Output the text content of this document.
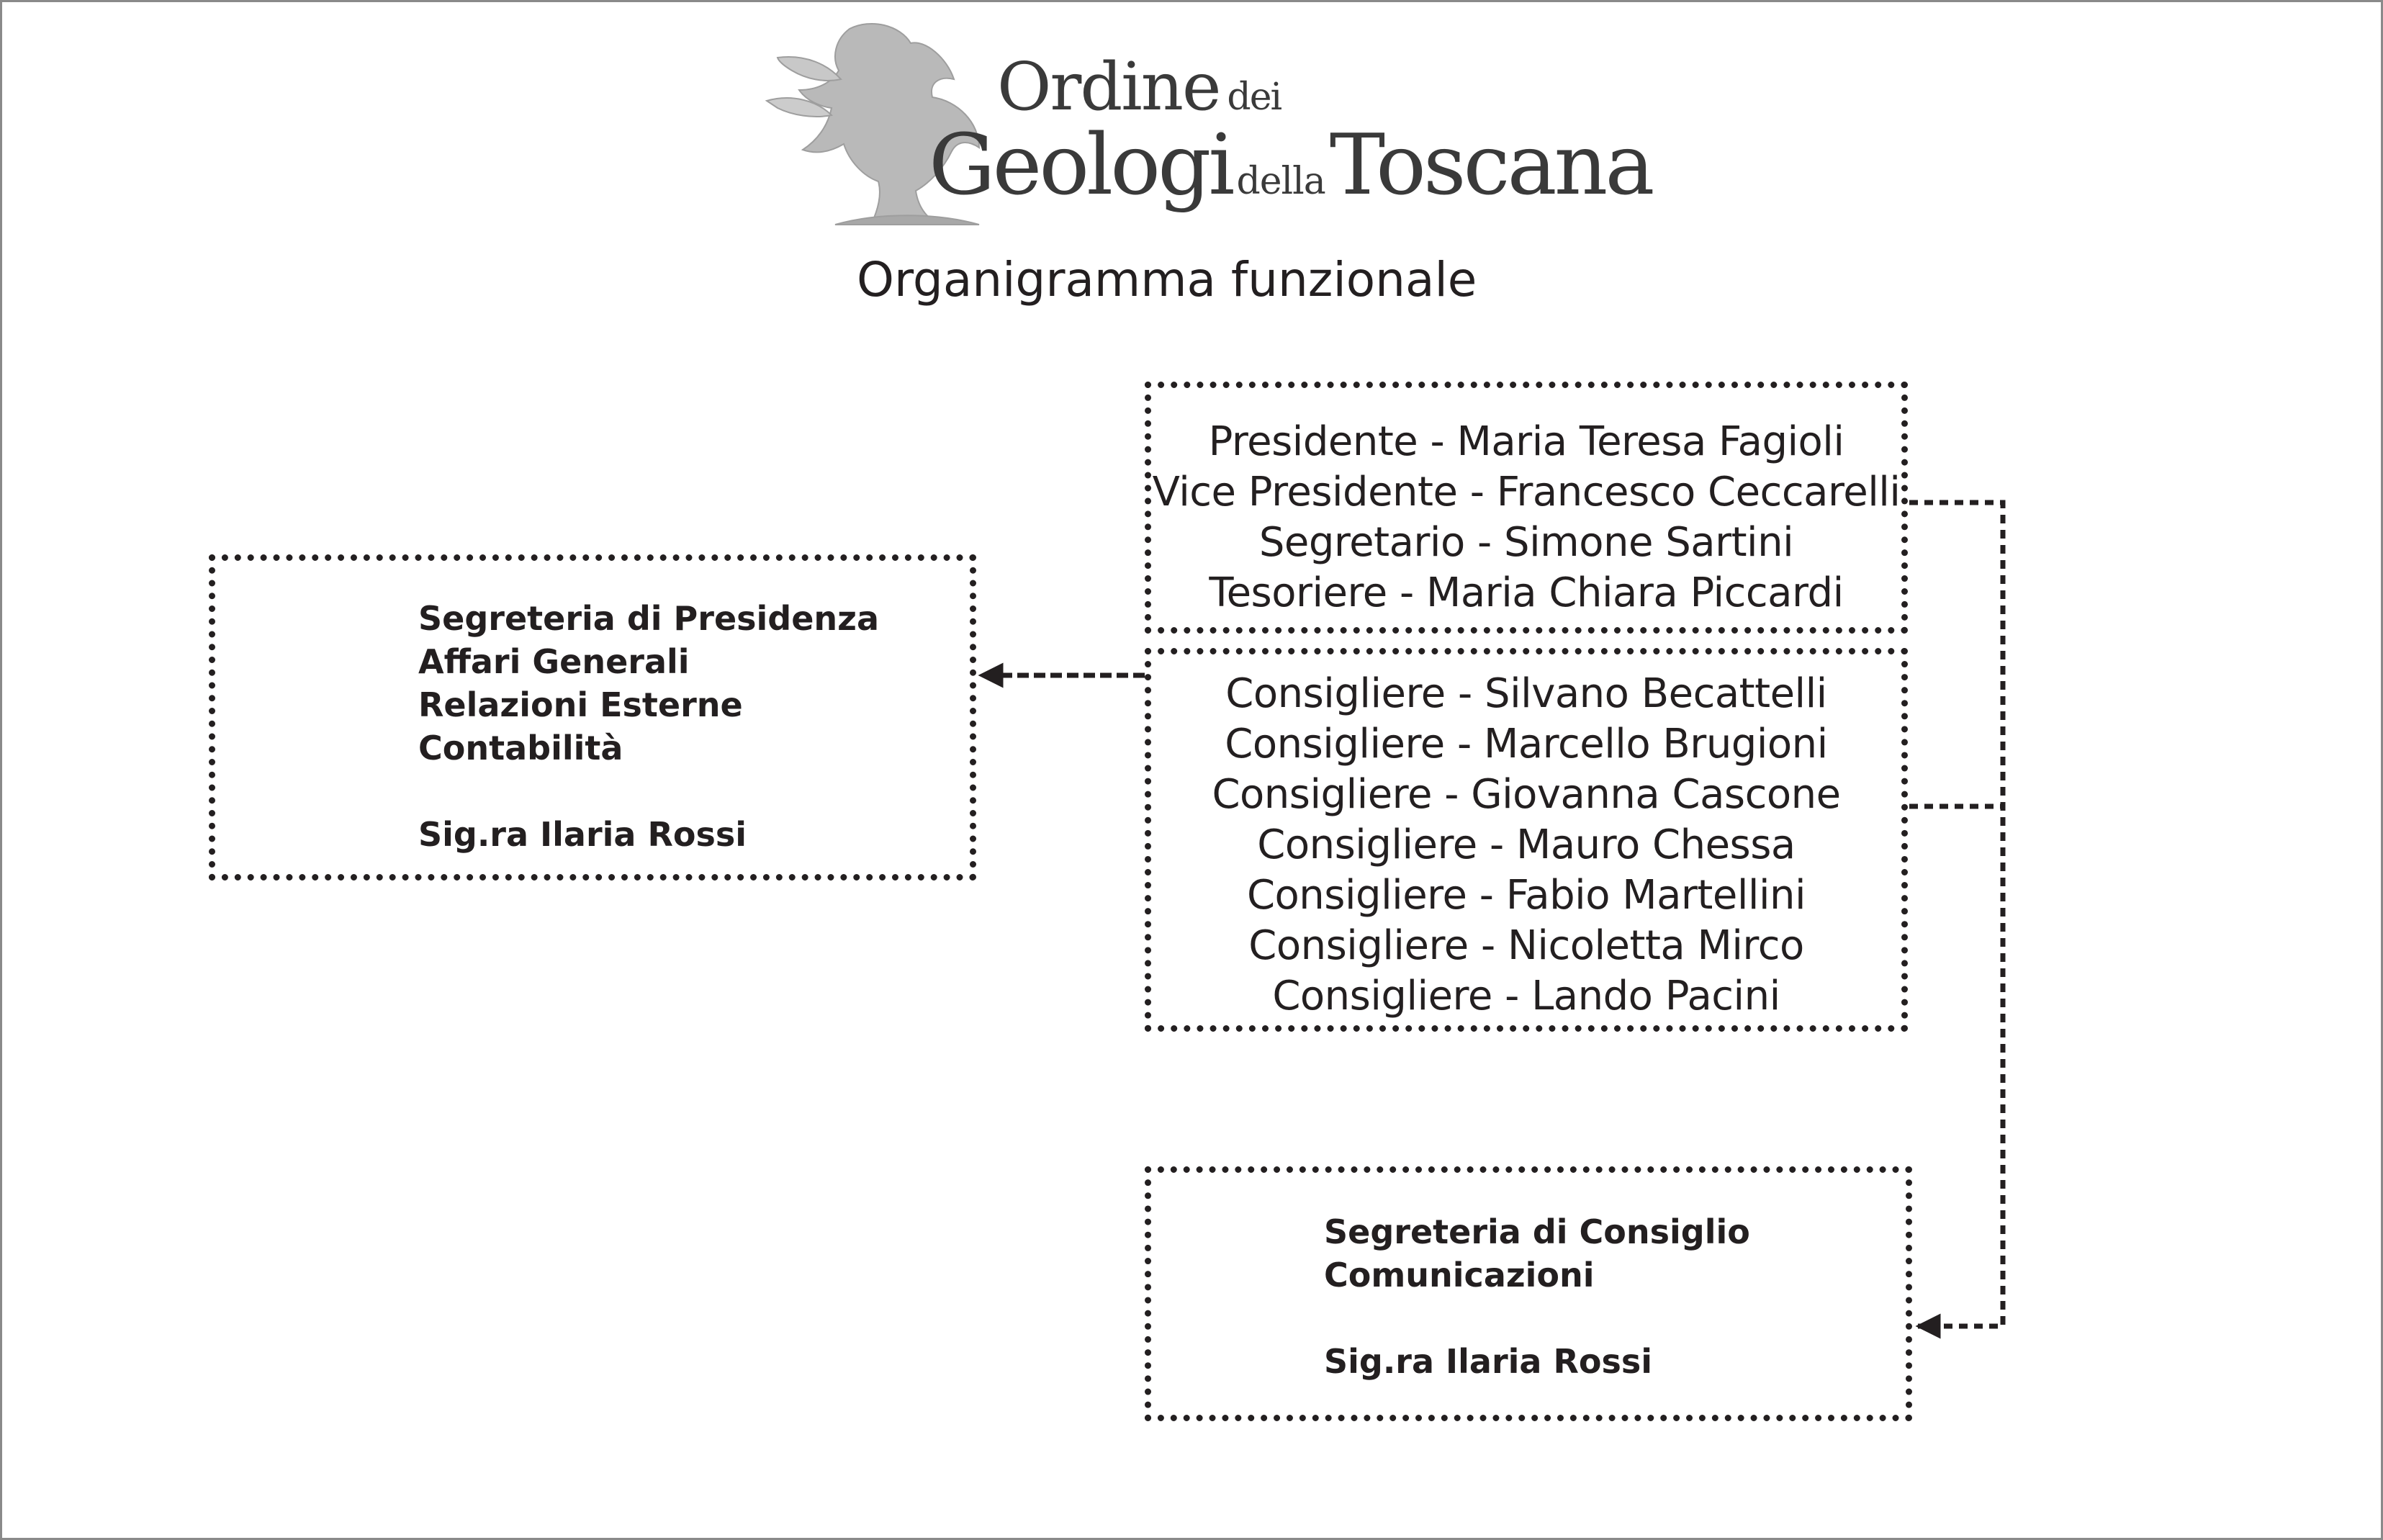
Ordine dei
Geologi dellaToscana
Organigramma funzionale
Presidente - Maria Teresa Fagioli
Vice Presidente - Francesco Ceccarelli
Segretario - Simone Sartini
Tesoriere - Maria Chiara Piccardi
Consigliere - Silvano Becattelli
Consigliere - Marcello Brugioni
Consigliere - Giovanna Cascone
Consigliere - Mauro Chessa
Consigliere - Fabio Martellini
Consigliere - Nicoletta Mirco
Consigliere - Lando Pacini
Segreteria di Presidenza
Affari Generali
Relazioni Esterne
Contabilità
Sig.ra Ilaria Rossi
Segreteria di Consiglio
Comunicazioni
Sig.ra Ilaria Rossi
